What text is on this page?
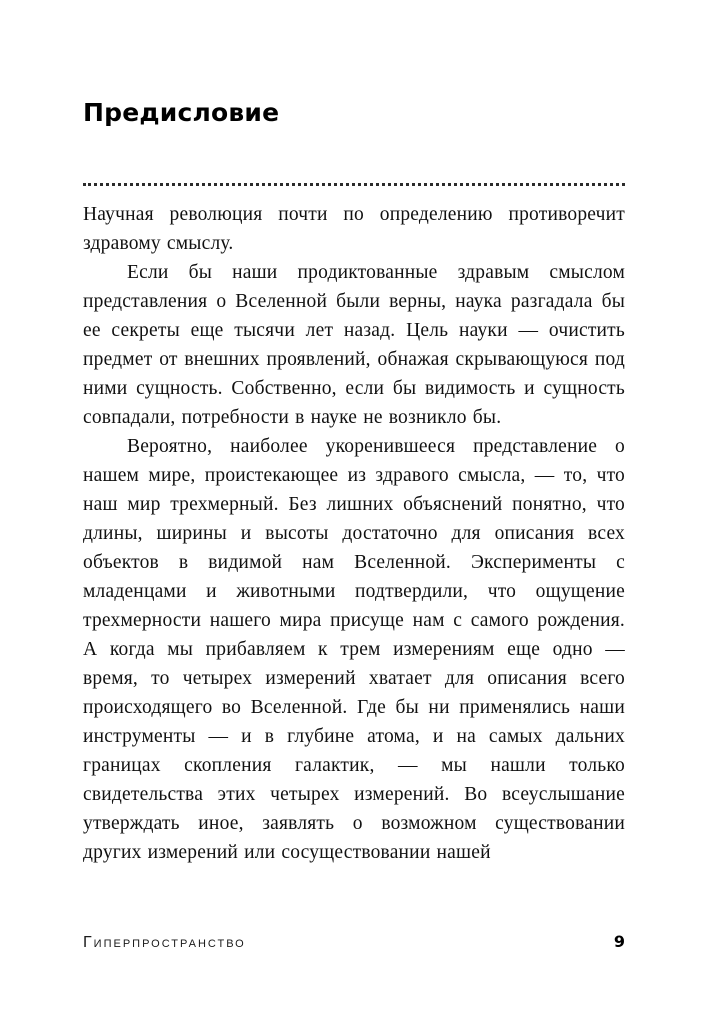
Предисловие

Научная революция почти по определению противоречит здравому смыслу.

Если бы наши продиктованные здравым смыслом представления о Вселенной были верны, наука разгадала бы ее секреты еще тысячи лет назад. Цель науки — очистить предмет от внешних проявлений, обнажая скрывающуюся под ними сущность. Собственно, если бы видимость и сущность совпадали, потребности в науке не возникло бы.

Вероятно, наиболее укоренившееся представление о нашем мире, проистекающее из здравого смысла, — то, что наш мир трехмерный. Без лишних объяснений понятно, что длины, ширины и высоты достаточно для описания всех объектов в видимой нам Вселенной. Эксперименты с младенцами и животными подтвердили, что ощущение трехмерности нашего мира присуще нам с самого рождения. А когда мы прибавляем к трем измерениям еще одно — время, то четырех измерений хватает для описания всего происходящего во Вселенной. Где бы ни применялись наши инструменты — и в глубине атома, и на самых дальних границах скопления галактик, — мы нашли только свидетельства этих четырех измерений. Во всеуслышание утверждать иное, заявлять о возможном существовании других измерений или сосуществовании нашей

Гиперпространство	9
